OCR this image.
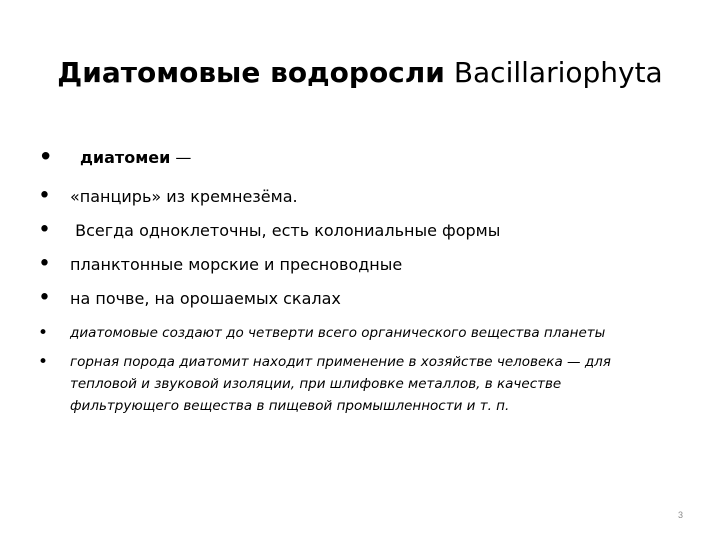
Диатомовые водоросли Bacillariophyta
•	диатомеи —
• «панцирь» из кремнезёма.
• Всегда одноклеточны, есть колониальные формы
• планктонные морские и пресноводные
• на почве, на орошаемых скалах
• диатомовые создают до четверти всего органического вещества планеты
• горная порода диатомит находит применение в хозяйстве человека — для тепловой и звуковой изоляции, при шлифовке металлов, в качестве фильтрующего вещества в пищевой промышленности и т. п.
3
